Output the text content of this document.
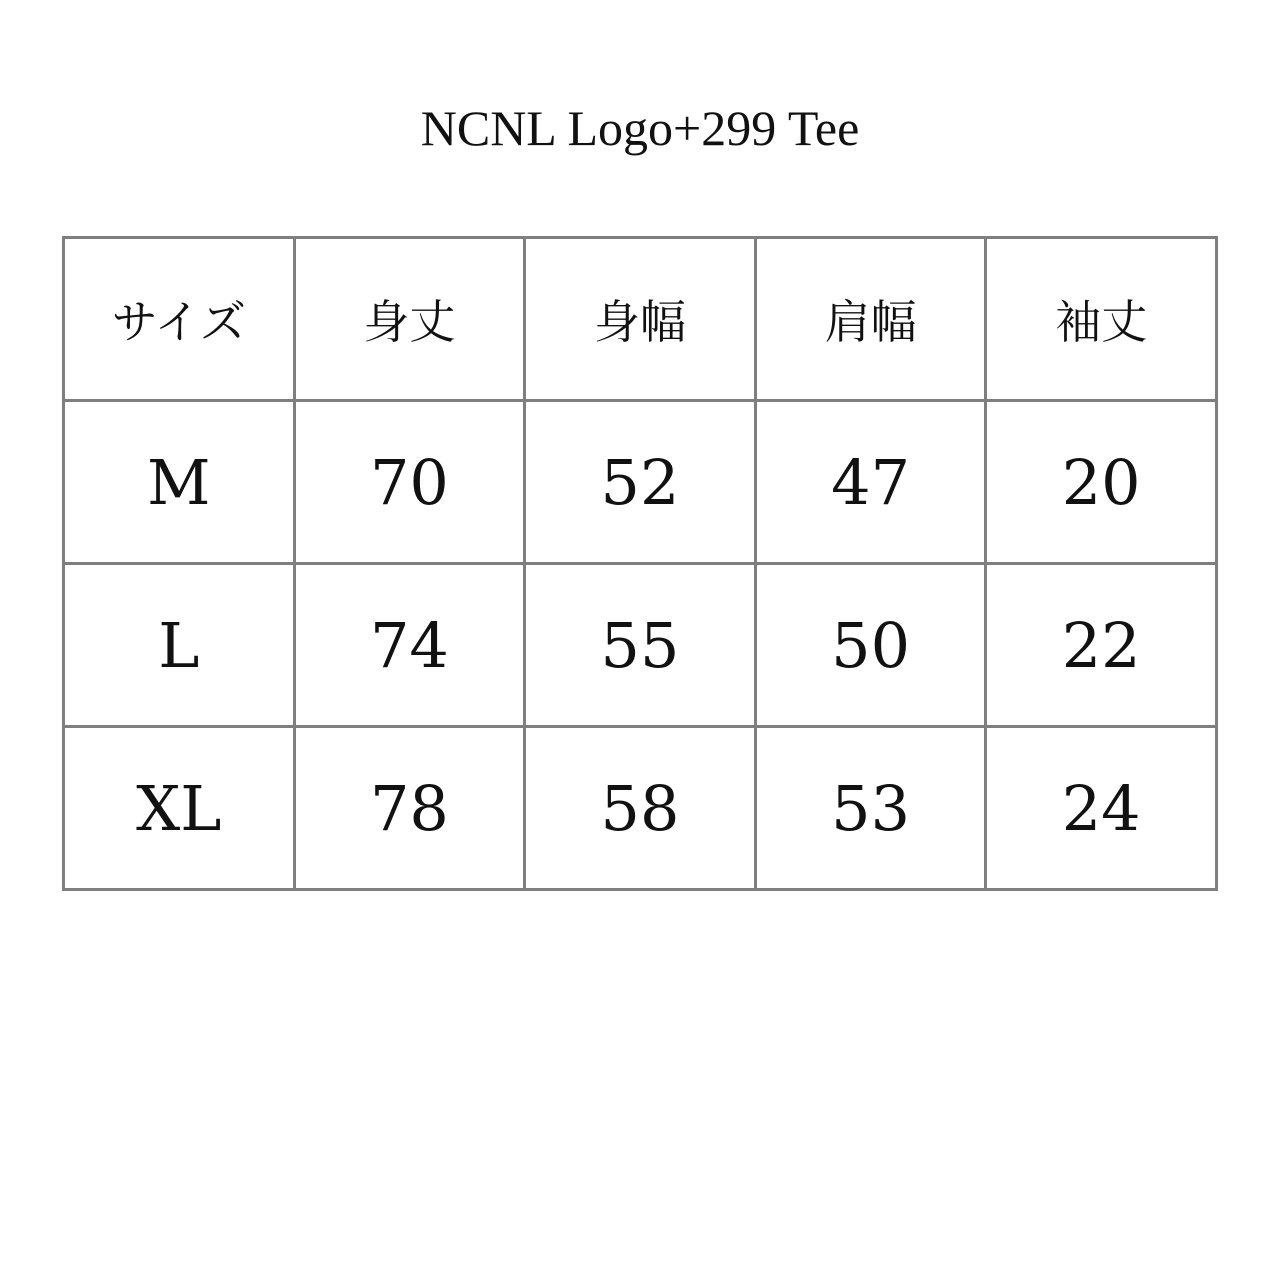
NCNL Logo+299 Tee
サイズ	身丈	身幅	肩幅	袖丈
M	70	52	47	20
L	74	55	50	22
XL	78	58	53	24
